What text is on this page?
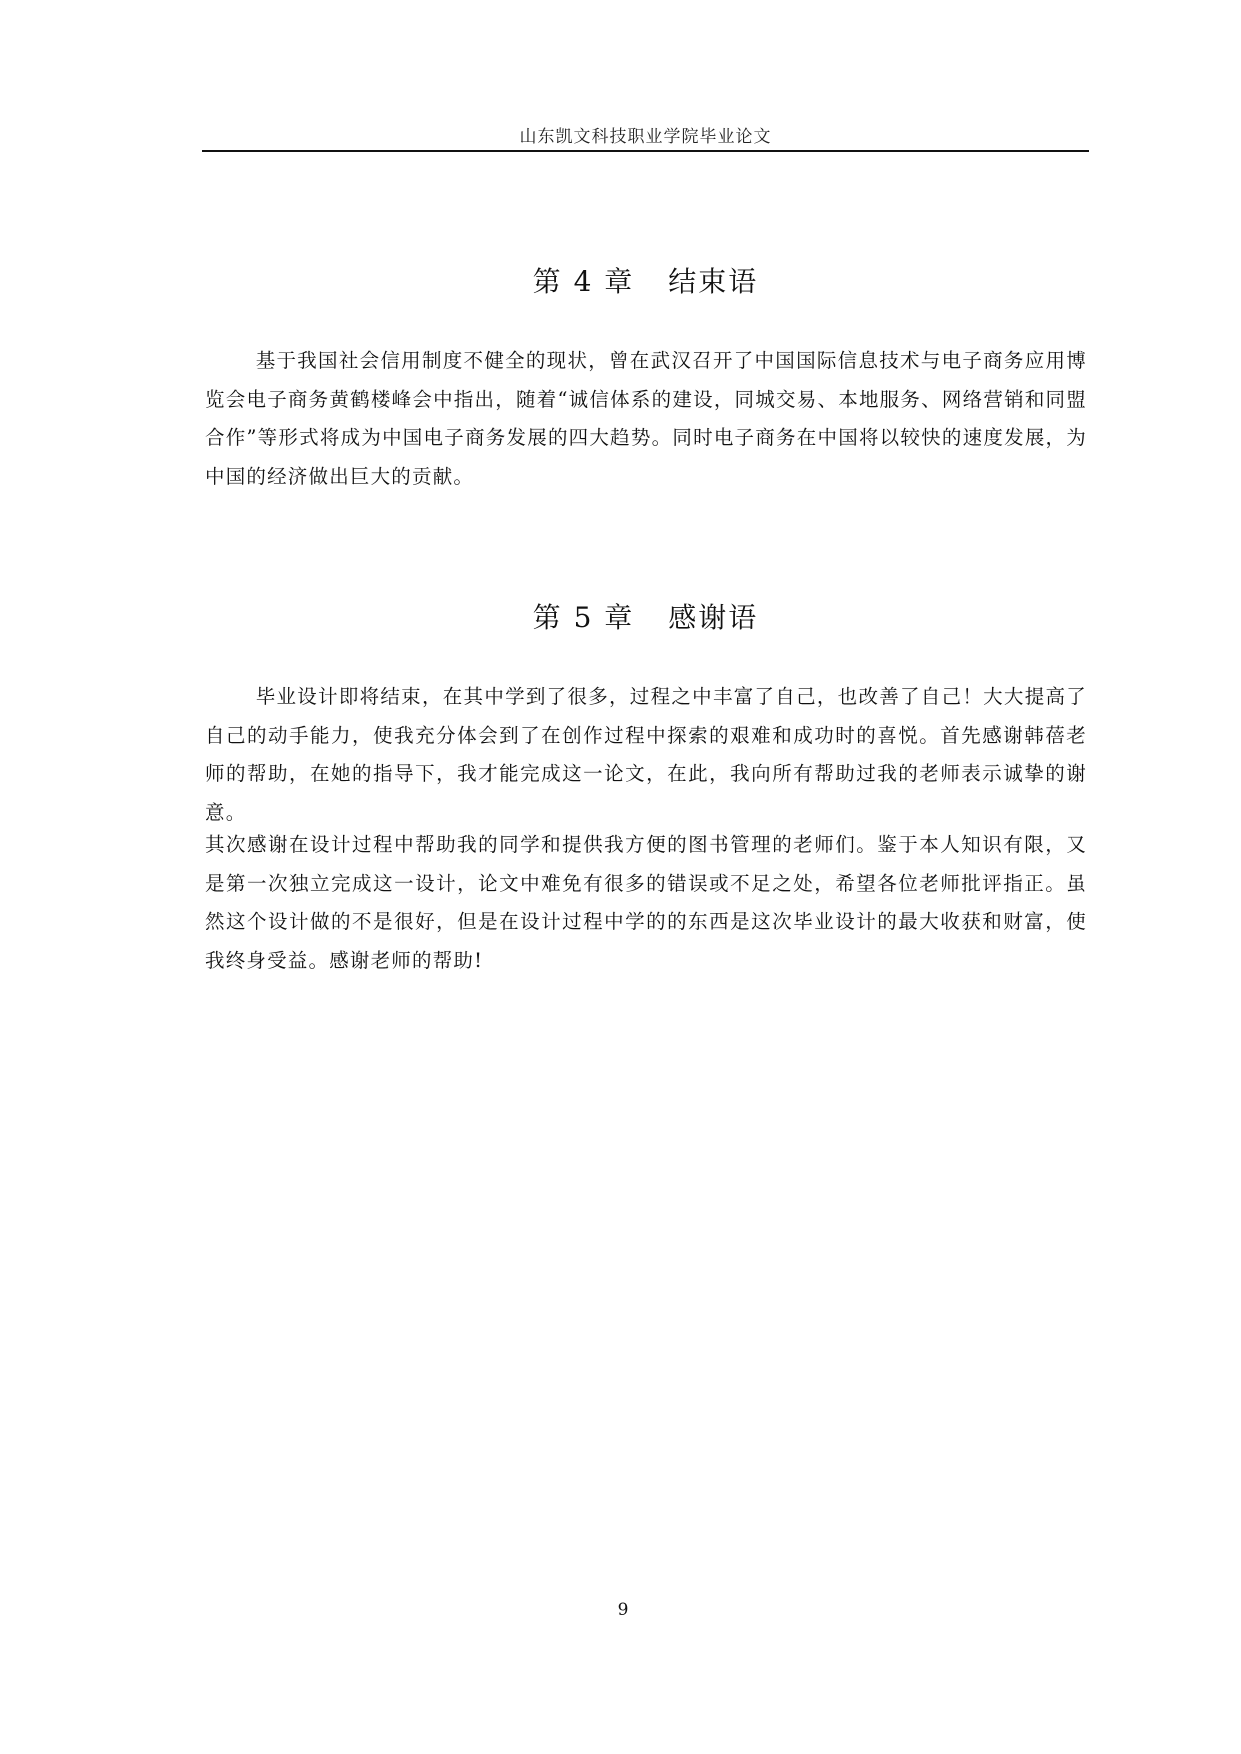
山东凯文科技职业学院毕业论文
第 4 章 结束语

基于我国社会信用制度不健全的现状，曾在武汉召开了中国国际信息技术与电子商务应用博览会电子商务黄鹤楼峰会中指出，随着“诚信体系的建设，同城交易、本地服务、网络营销和同盟合作”等形式将成为中国电子商务发展的四大趋势。同时电子商务在中国将以较快的速度发展，为中国的经济做出巨大的贡献。

第 5 章 感谢语

毕业设计即将结束，在其中学到了很多，过程之中丰富了自己，也改善了自己！大大提高了自己的动手能力，使我充分体会到了在创作过程中探索的艰难和成功时的喜悦。首先感谢韩蓓老师的帮助，在她的指导下，我才能完成这一论文，在此，我向所有帮助过我的老师表示诚挚的谢意。

其次感谢在设计过程中帮助我的同学和提供我方便的图书管理的老师们。鉴于本人知识有限，又是第一次独立完成这一设计，论文中难免有很多的错误或不足之处，希望各位老师批评指正。虽然这个设计做的不是很好，但是在设计过程中学的的东西是这次毕业设计的最大收获和财富，使我终身受益。感谢老师的帮助!

9
